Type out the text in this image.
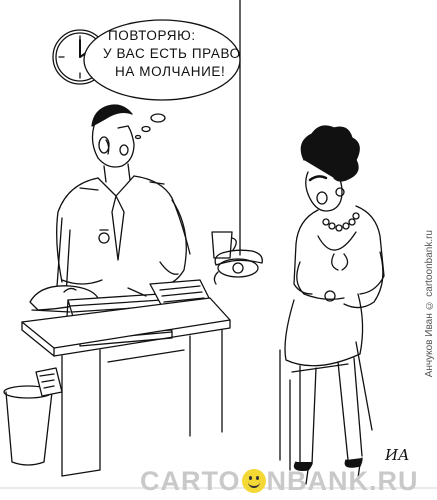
ПОВТОРЯЮ:
У ВАС ЕСТЬ ПРАВО
НА МОЛЧАНИЕ!
ИА
Анчуков Иван © cartoonbank.ru
CARTO NBANK.RU
